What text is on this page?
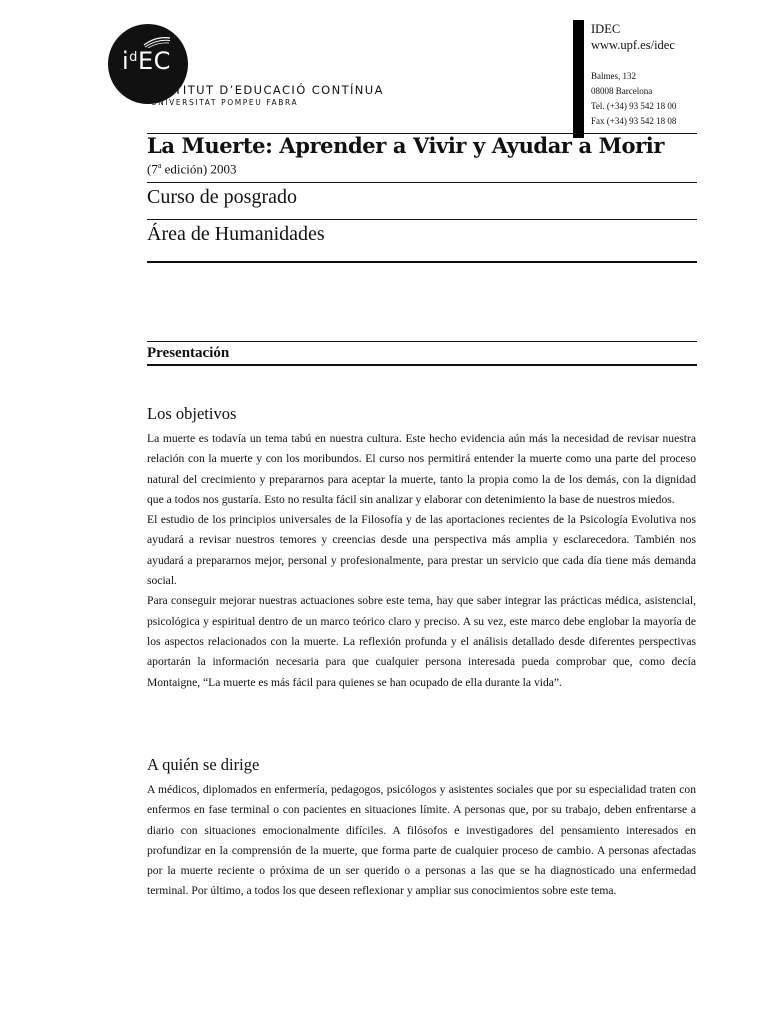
$i^dEC$
INSTITUT D’EDUCACIÓ CONTÍNUA
UNIVERSITAT POMPEU FABRA
IDEC
www.upf.es/idec
Balmes, 132
08008 Barcelona
Tel. (+34) 93 542 18 00
Fax (+34) 93 542 18 08
La Muerte: Aprender a Vivir y Ayudar a Morir
(7$^a$ edición) 2003
Curso de posgrado
Área de Humanidades
Presentación
Los objetivos

La muerte es todavía un tema tabú en nuestra cultura. Este hecho evidencia aún más la necesidad de revisar nuestra relación con la muerte y con los moribundos. El curso nos permitirá entender la muerte como una parte del proceso natural del crecimiento y prepararnos para aceptar la muerte, tanto la propia como la de los demás, con la dignidad que a todos nos gustaría. Esto no resulta fácil sin analizar y elaborar con detenimiento la base de nuestros miedos.

El estudio de los principios universales de la Filosofía y de las aportaciones recientes de la Psicología Evolutiva nos ayudará a revisar nuestros temores y creencias desde una perspectiva más amplia y esclarecedora. También nos ayudará a prepararnos mejor, personal y profesionalmente, para prestar un servicio que cada día tiene más demanda social.

Para conseguir mejorar nuestras actuaciones sobre este tema, hay que saber integrar las prácticas médica, asistencial, psicológica y espiritual dentro de un marco teórico claro y preciso. A su vez, este marco debe englobar la mayoría de los aspectos relacionados con la muerte. La reflexión profunda y el análisis detallado desde diferentes perspectivas aportarán la información necesaria para que cualquier persona interesada pueda comprobar que, como decía Montaigne, “La muerte es más fácil para quienes se han ocupado de ella durante la vida”.

A quién se dirige

A médicos, diplomados en enfermería, pedagogos, psicólogos y asistentes sociales que por su especialidad traten con enfermos en fase terminal o con pacientes en situaciones límite. A personas que, por su trabajo, deben enfrentarse a diario con situaciones emocionalmente difíciles. A filósofos e investigadores del pensamiento interesados en profundizar en la comprensión de la muerte, que forma parte de cualquier proceso de cambio. A personas afectadas por la muerte reciente o próxima de un ser querido o a personas a las que se ha diagnosticado una enfermedad terminal. Por último, a todos los que deseen reflexionar y ampliar sus conocimientos sobre este tema.
